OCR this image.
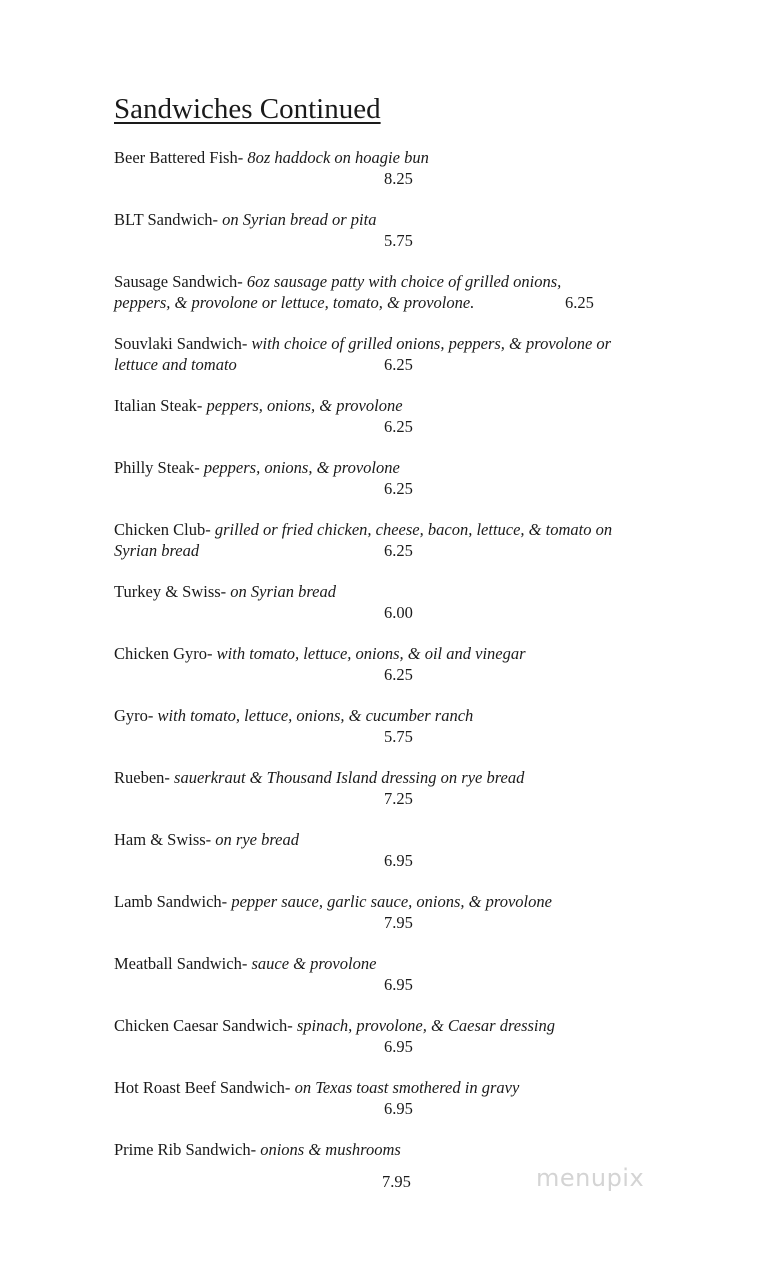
Sandwiches Continued
Beer Battered Fish- 8oz haddock on hoagie bun
8.25
BLT Sandwich- on Syrian bread or pita
5.75
Sausage Sandwich- 6oz sausage patty with choice of grilled onions,
peppers, & provolone or lettuce, tomato, & provolone.	6.25
Souvlaki Sandwich- with choice of grilled onions, peppers, & provolone or
lettuce and tomato	6.25
Italian Steak- peppers, onions, & provolone
6.25
Philly Steak- peppers, onions, & provolone
6.25
Chicken Club- grilled or fried chicken, cheese, bacon, lettuce, & tomato on
Syrian bread	6.25
Turkey & Swiss- on Syrian bread
6.00
Chicken Gyro- with tomato, lettuce, onions, & oil and vinegar
6.25
Gyro- with tomato, lettuce, onions, & cucumber ranch
5.75
Rueben- sauerkraut & Thousand Island dressing on rye bread
7.25
Ham & Swiss- on rye bread
6.95
Lamb Sandwich- pepper sauce, garlic sauce, onions, & provolone
7.95
Meatball Sandwich- sauce & provolone
6.95
Chicken Caesar Sandwich- spinach, provolone, & Caesar dressing
6.95
Hot Roast Beef Sandwich- on Texas toast smothered in gravy
6.95
Prime Rib Sandwich- onions & mushrooms
7.95	menupix
